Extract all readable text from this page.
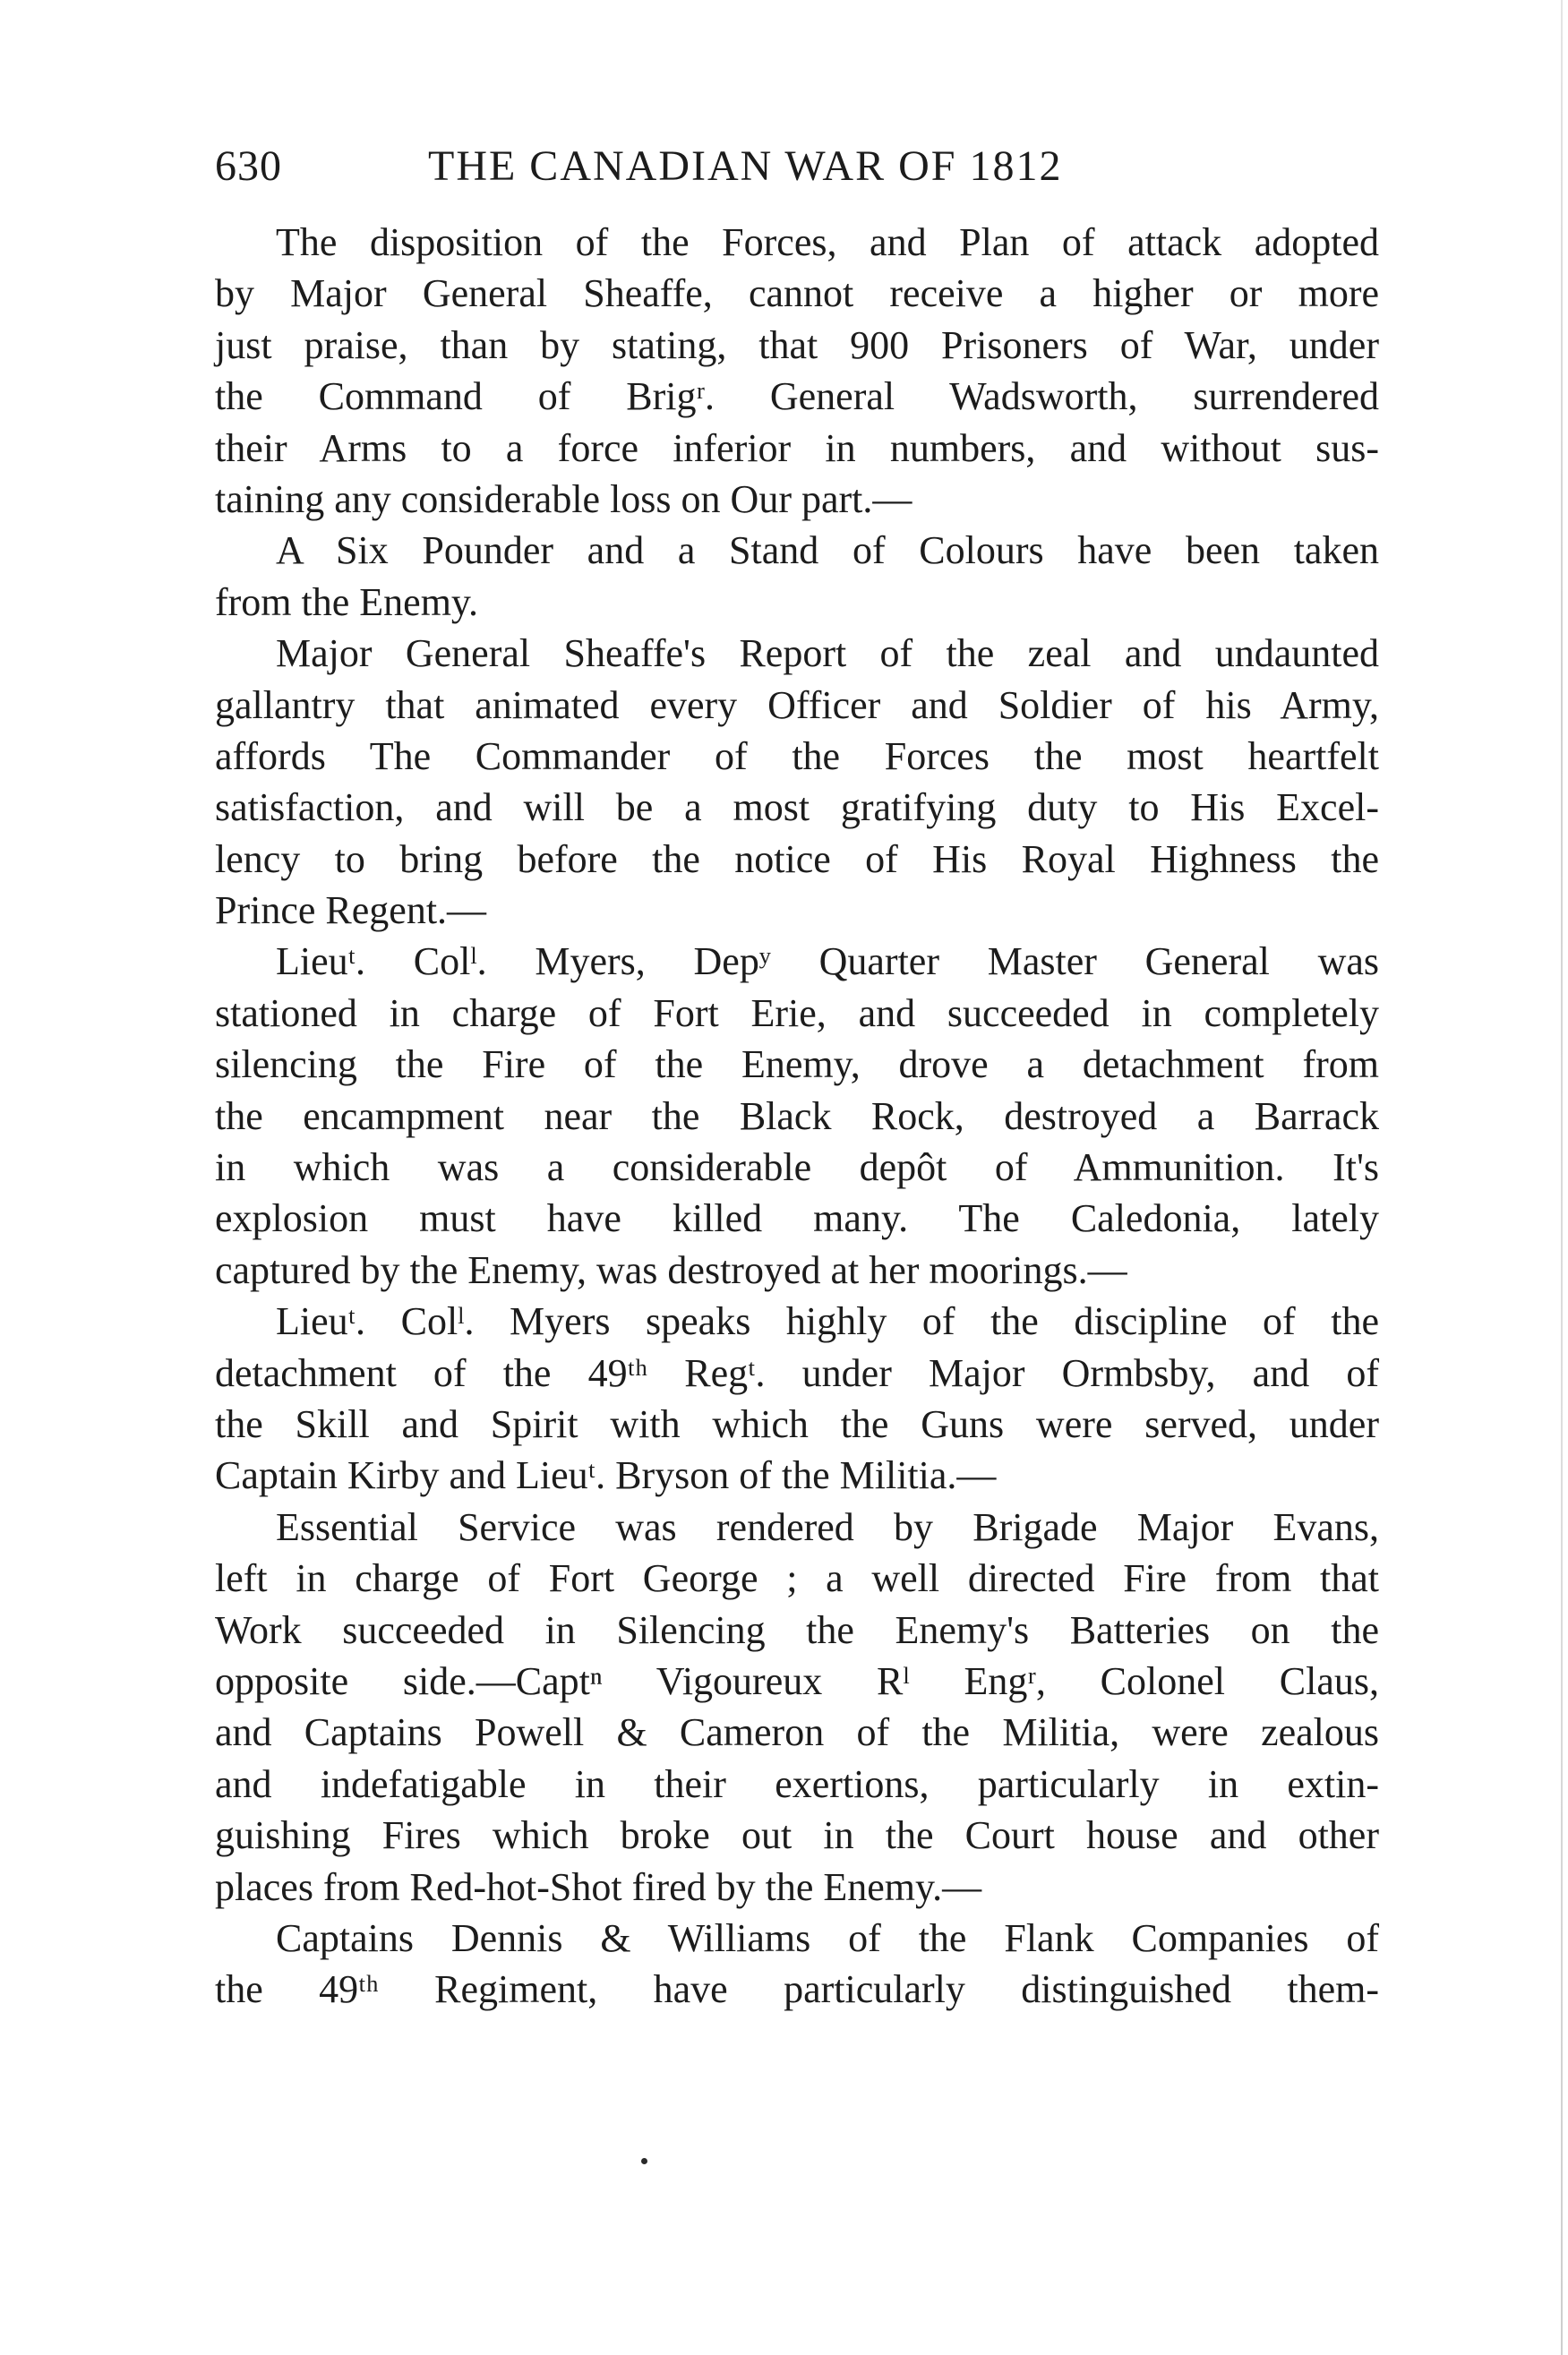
630	THE CANADIAN WAR OF 1812
The disposition of the Forces, and Plan of attack adopted
by Major General Sheaffe, cannot receive a higher or more
just praise, than by stating, that 900 Prisoners of War, under
the Command of Brigʳ. General Wadsworth, surrendered
their Arms to a force inferior in numbers, and without sus-
taining any considerable loss on Our part.—
A Six Pounder and a Stand of Colours have been taken
from the Enemy.
Major General Sheaffe's Report of the zeal and undaunted
gallantry that animated every Officer and Soldier of his Army,
affords The Commander of the Forces the most heartfelt
satisfaction, and will be a most gratifying duty to His Excel-
lency to bring before the notice of His Royal Highness the
Prince Regent.—
Lieuᵗ. Colˡ. Myers, Depʸ Quarter Master General was
stationed in charge of Fort Erie, and succeeded in completely
silencing the Fire of the Enemy, drove a detachment from
the encampment near the Black Rock, destroyed a Barrack
in which was a considerable depôt of Ammunition. It's
explosion must have killed many. The Caledonia, lately
captured by the Enemy, was destroyed at her moorings.—
Lieuᵗ. Colˡ. Myers speaks highly of the discipline of the
detachment of the 49ᵗʰ Regᵗ. under Major Ormbsby, and of
the Skill and Spirit with which the Guns were served, under
Captain Kirby and Lieuᵗ. Bryson of the Militia.—
Essential Service was rendered by Brigade Major Evans,
left in charge of Fort George ; a well directed Fire from that
Work succeeded in Silencing the Enemy's Batteries on the
opposite side.—Captⁿ Vigoureux Rˡ Engʳ, Colonel Claus,
and Captains Powell & Cameron of the Militia, were zealous
and indefatigable in their exertions, particularly in extin-
guishing Fires which broke out in the Court house and other
places from Red-hot-Shot fired by the Enemy.—
Captains Dennis & Williams of the Flank Companies of
the 49ᵗʰ Regiment, have particularly distinguished them-
